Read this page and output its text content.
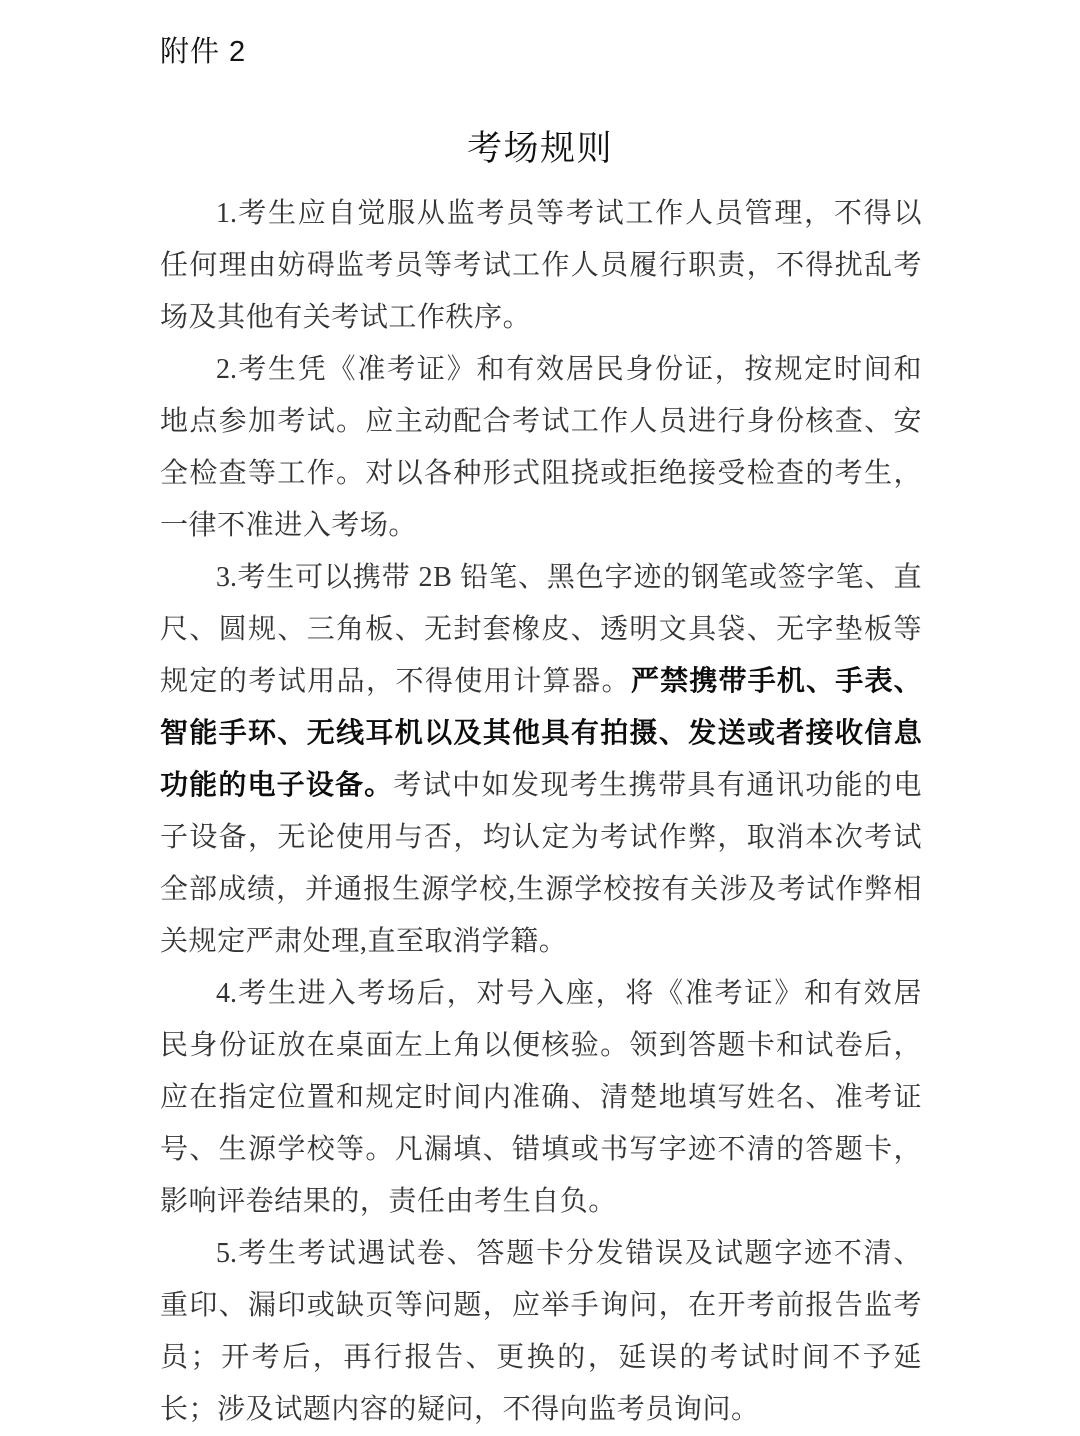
附件 2
考场规则

1.考生应自觉服从监考员等考试工作人员管理，不得以任何理由妨碍监考员等考试工作人员履行职责，不得扰乱考场及其他有关考试工作秩序。

2.考生凭《准考证》和有效居民身份证，按规定时间和地点参加考试。应主动配合考试工作人员进行身份核查、安全检查等工作。对以各种形式阻挠或拒绝接受检查的考生，一律不准进入考场。

3.考生可以携带 2B 铅笔、黑色字迹的钢笔或签字笔、直尺、圆规、三角板、无封套橡皮、透明文具袋、无字垫板等规定的考试用品，不得使用计算器。严禁携带手机、手表、智能手环、无线耳机以及其他具有拍摄、发送或者接收信息功能的电子设备。考试中如发现考生携带具有通讯功能的电子设备，无论使用与否，均认定为考试作弊，取消本次考试全部成绩，并通报生源学校,生源学校按有关涉及考试作弊相关规定严肃处理,直至取消学籍。

4.考生进入考场后，对号入座，将《准考证》和有效居民身份证放在桌面左上角以便核验。领到答题卡和试卷后，应在指定位置和规定时间内准确、清楚地填写姓名、准考证号、生源学校等。凡漏填、错填或书写字迹不清的答题卡，影响评卷结果的，责任由考生自负。

5.考生考试遇试卷、答题卡分发错误及试题字迹不清、重印、漏印或缺页等问题，应举手询问，在开考前报告监考员；开考后，再行报告、更换的，延误的考试时间不予延长；涉及试题内容的疑问，不得向监考员询问。
